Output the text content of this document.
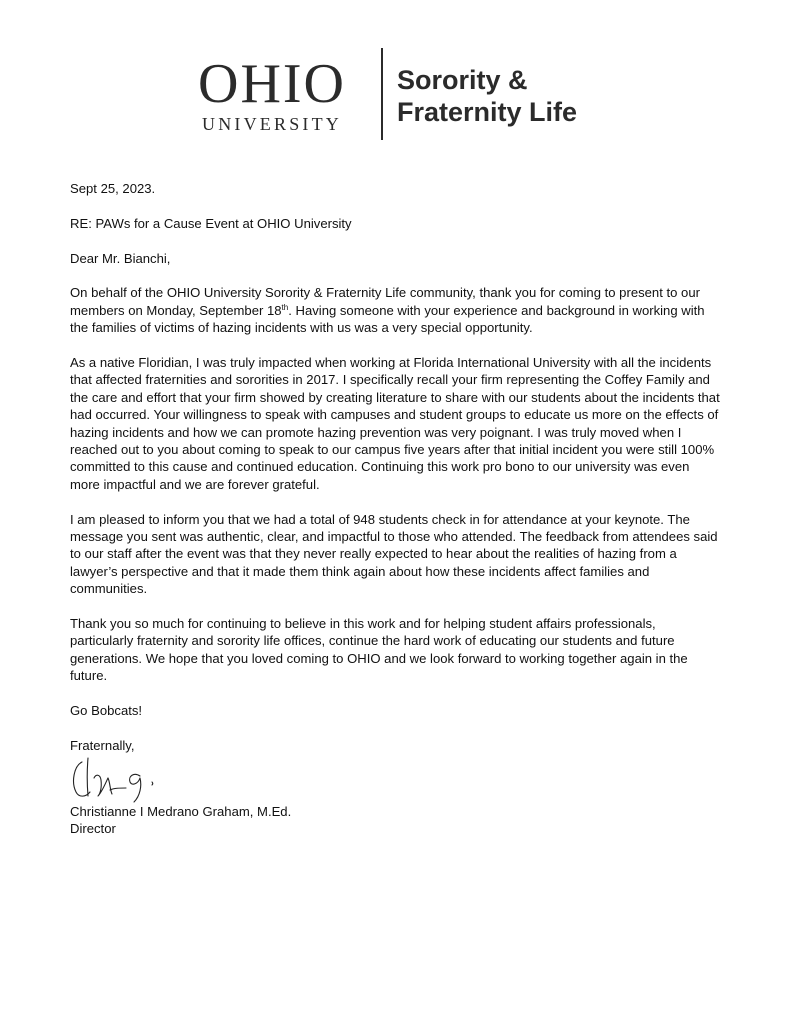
OHIO
UNIVERSITY
Sorority &
Fraternity Life

Sept 25, 2023.

RE: PAWs for a Cause Event at OHIO University

Dear Mr. Bianchi,

On behalf of the OHIO University Sorority & Fraternity Life community, thank you for coming to present to our members on Monday, September 18th. Having someone with your experience and background in working with the families of victims of hazing incidents with us was a very special opportunity.

As a native Floridian, I was truly impacted when working at Florida International University with all the incidents that affected fraternities and sororities in 2017. I specifically recall your firm representing the Coffey Family and the care and effort that your firm showed by creating literature to share with our students about the incidents that had occurred. Your willingness to speak with campuses and student groups to educate us more on the effects of hazing incidents and how we can promote hazing prevention was very poignant. I was truly moved when I reached out to you about coming to speak to our campus five years after that initial incident you were still 100% committed to this cause and continued education. Continuing this work pro bono to our university was even more impactful and we are forever grateful.

I am pleased to inform you that we had a total of 948 students check in for attendance at your keynote. The message you sent was authentic, clear, and impactful to those who attended. The feedback from attendees said to our staff after the event was that they never really expected to hear about the realities of hazing from a lawyer’s perspective and that it made them think again about how these incidents affect families and communities.

Thank you so much for continuing to believe in this work and for helping student affairs professionals, particularly fraternity and sorority life offices, continue the hard work of educating our students and future generations. We hope that you loved coming to OHIO and we look forward to working together again in the future.

Go Bobcats!

Fraternally,

Christianne I Medrano Graham, M.Ed.

Director
